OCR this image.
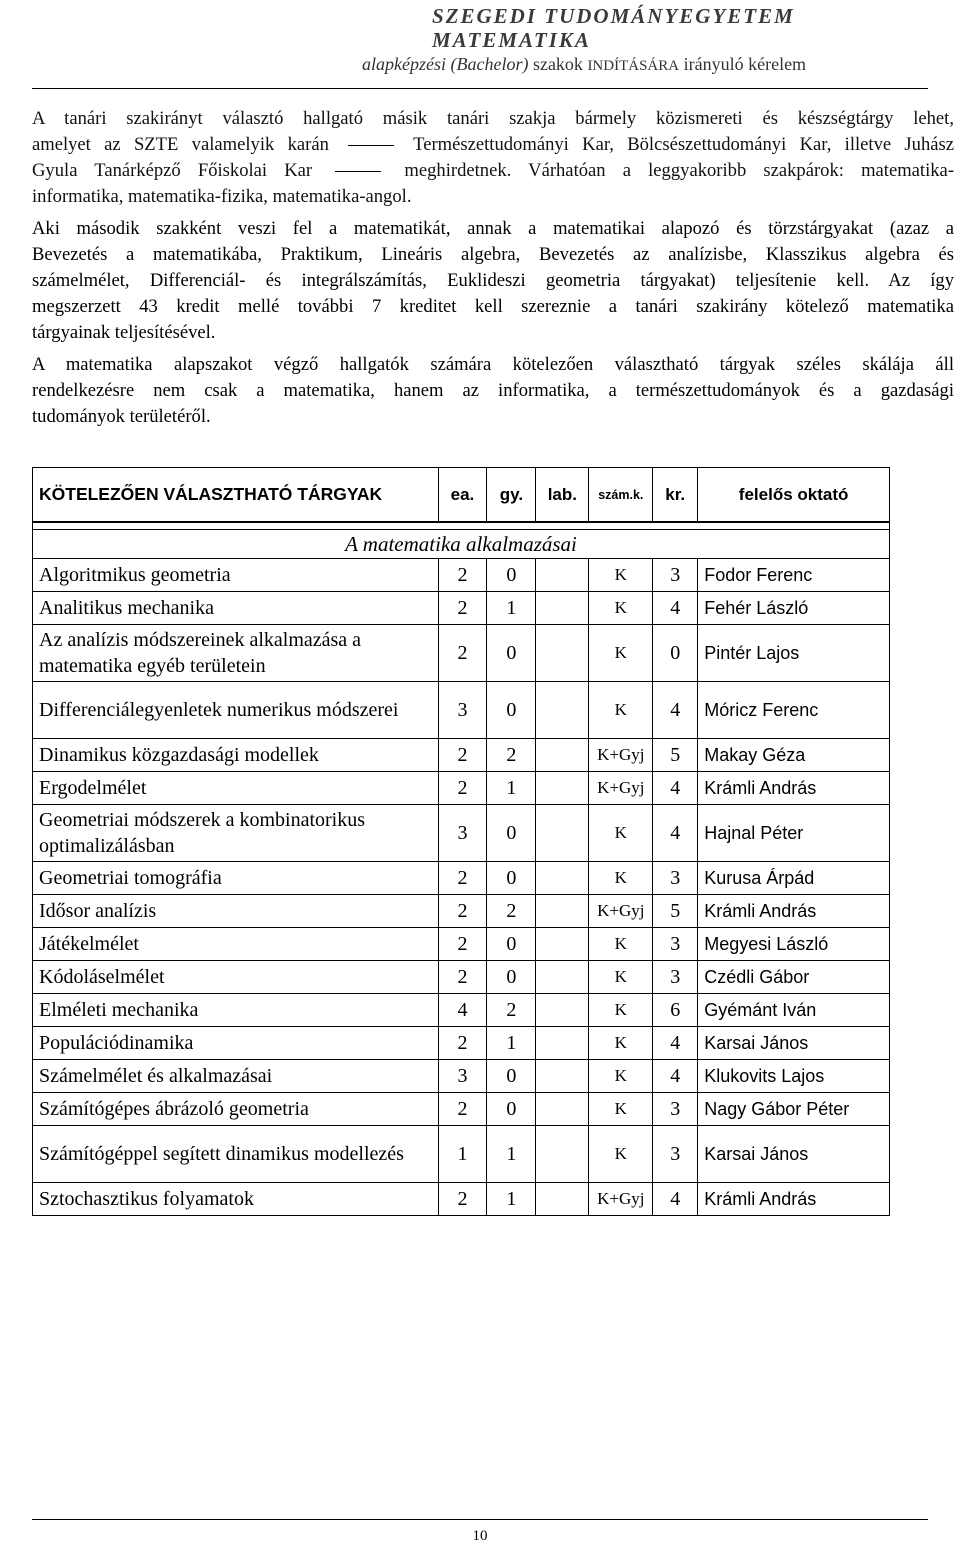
SZEGEDI TUDOMÁNYEGYETEM
MATEMATIKA
alapképzési (Bachelor) szakok INDÍTÁSÁRA irányuló kérelem
A tanári szakirányt választó hallgató másik tanári szakja bármely közismereti és készségtárgy lehet,
amelyet az SZTE valamelyik karán	Természettudományi Kar, Bölcsészettudományi Kar, illetve Juhász
Gyula Tanárképző Főiskolai Kar	meghirdetnek. Várhatóan a leggyakoribb szakpárok: matematika-
informatika, matematika-fizika, matematika-angol.
Aki második szakként veszi fel a matematikát, annak a matematikai alapozó és törzstárgyakat (azaz a
Bevezetés a matematikába, Praktikum, Lineáris algebra, Bevezetés az analízisbe, Klasszikus algebra és
számelmélet, Differenciál- és integrálszámítás, Euklideszi geometria tárgyakat) teljesítenie kell. Az így
megszerzett 43 kredit mellé további 7 kreditet kell szereznie a tanári szakirány kötelező matematika
tárgyainak teljesítésével.
A matematika alapszakot végző hallgatók számára kötelezően választható tárgyak széles skálája áll
rendelkezésre nem csak a matematika, hanem az informatika, a természettudományok és a gazdasági
tudományok területéről.
KÖTELEZŐEN VÁLASZTHATÓ TÁRGYAK	ea.	gy.	lab.	szám.k.	kr.	felelős oktató

A matematika alkalmazásai						
Algoritmikus geometria	2	0		K	3	Fodor Ferenc
Analitikus mechanika	2	1		K	4	Fehér László
Az analízis módszereinek alkalmazása a matematika egyéb területein	2	0		K	0	Pintér Lajos
Differenciálegyenletek numerikus módszerei	3	0		K	4	Móricz Ferenc
Dinamikus közgazdasági modellek	2	2		K+Gyj	5	Makay Géza
Ergodelmélet	2	1		K+Gyj	4	Krámli András
Geometriai módszerek a kombinatorikus optimalizálásban	3	0		K	4	Hajnal Péter
Geometriai tomográfia	2	0		K	3	Kurusa Árpád
Idősor analízis	2	2		K+Gyj	5	Krámli András
Játékelmélet	2	0		K	3	Megyesi László
Kódoláselmélet	2	0		K	3	Czédli Gábor
Elméleti mechanika	4	2		K	6	Gyémánt Iván
Populációdinamika	2	1		K	4	Karsai János
Számelmélet és alkalmazásai	3	0		K	4	Klukovits Lajos
Számítógépes ábrázoló geometria	2	0		K	3	Nagy Gábor Péter
Számítógéppel segített dinamikus modellezés	1	1		K	3	Karsai János
Sztochasztikus folyamatok	2	1		K+Gyj	4	Krámli András
10
